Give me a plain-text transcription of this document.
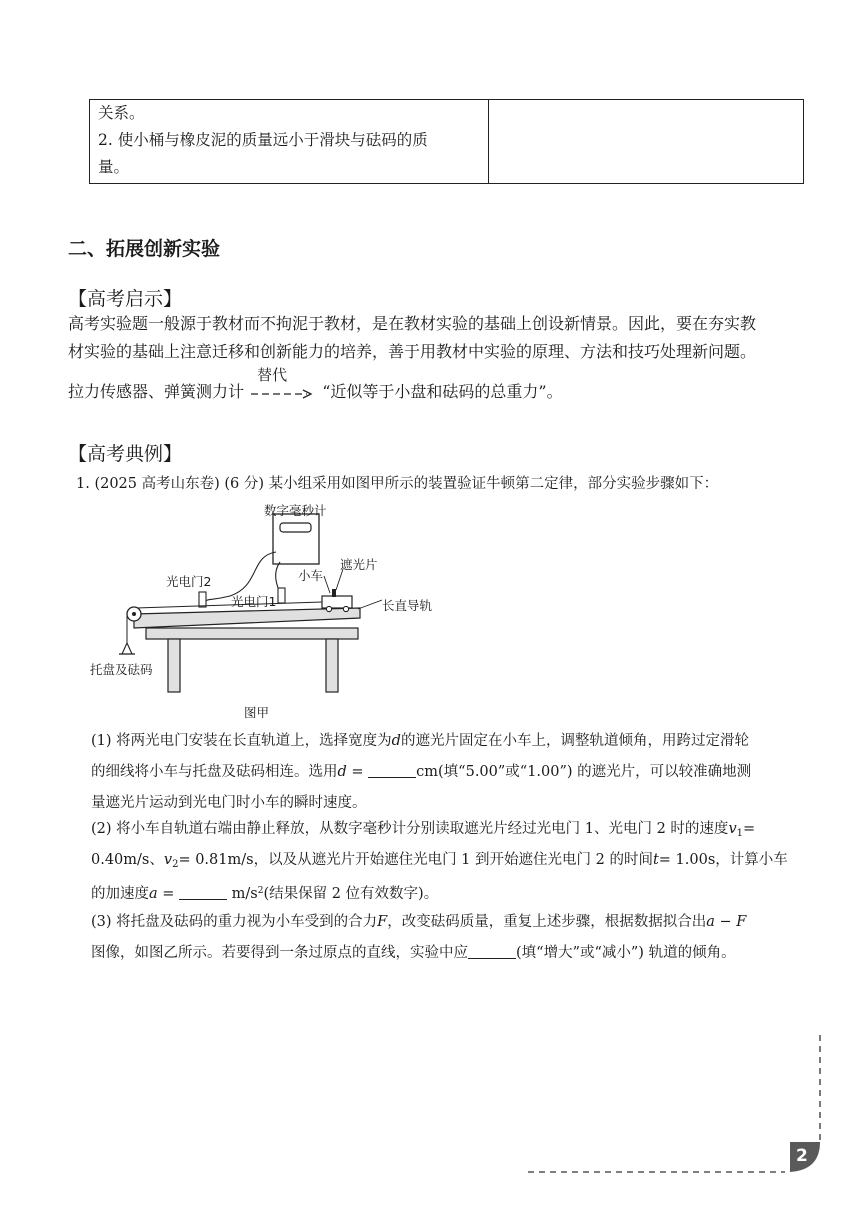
关系。

2. 使小桶与橡皮泥的质量远小于滑块与砝码的质

量。

二、拓展创新实验
【高考启示】
高考实验题一般源于教材而不拘泥于教材，是在教材实验的基础上创设新情景。因此，要在夯实教
材实验的基础上注意迁移和创新能力的培养，善于用教材中实验的原理、方法和技巧处理新问题。
拉力传感器、弹簧测力计
替代
“近似等于小盘和砝码的总重力”。
【高考典例】
1. (2025 高考山东卷) (6 分) 某小组采用如图甲所示的装置验证牛顿第二定律，部分实验步骤如下：
数字毫秒计
光电门2
光电门1
小车
遮光片
长直导轨
托盘及砝码
图甲
(1) 将两光电门安装在长直轨道上，选择宽度为d的遮光片固定在小车上，调整轨道倾角，用跨过定滑轮
的细线将小车与托盘及砝码相连。选用d =	cm(填“5.00”或“1.00”) 的遮光片，可以较准确地测
量遮光片运动到光电门时小车的瞬时速度。
(2) 将小车自轨道右端由静止释放，从数字毫秒计分别读取遮光片经过光电门 1、光电门 2 时的速度$v_1=$
0.40m/s、$v_2= 0.81m/s$，以及从遮光片开始遮住光电门 1 到开始遮住光电门 2 的时间t= 1.00s，计算小车
的加速度a =	$m/s^2$(结果保留 2 位有效数字)。
(3) 将托盘及砝码的重力视为小车受到的合力F，改变砝码质量，重复上述步骤，根据数据拟合出a − F
图像，如图乙所示。若要得到一条过原点的直线，实验中应	(填“增大”或“减小”) 轨道的倾角。
2
